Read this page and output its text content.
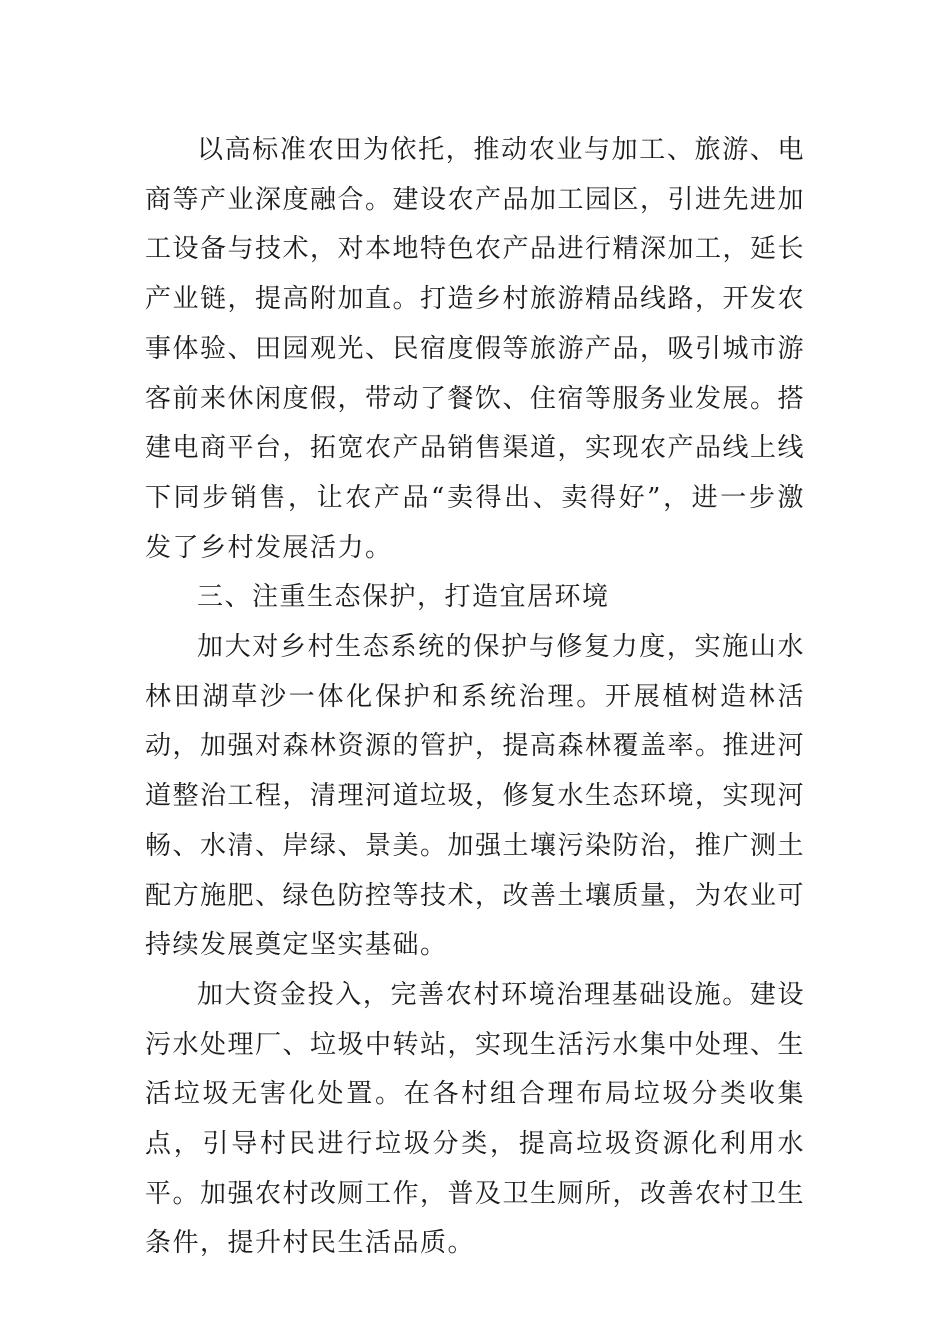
以高标准农田为依托，推动农业与加工、旅游、电商等产业深度融合。建设农产品加工园区，引进先进加工设备与技术，对本地特色农产品进行精深加工，延长产业链，提高附加直。打造乡村旅游精品线路，开发农事体验、田园观光、民宿度假等旅游产品，吸引城市游客前来休闲度假，带动了餐饮、住宿等服务业发展。搭建电商平台，拓宽农产品销售渠道，实现农产品线上线下同步销售，让农产品“卖得出、卖得好”，进一步激发了乡村发展活力。

三、注重生态保护，打造宜居环境

加大对乡村生态系统的保护与修复力度，实施山水林田湖草沙一体化保护和系统治理。开展植树造林活动，加强对森林资源的管护，提高森林覆盖率。推进河道整治工程，清理河道垃圾，修复水生态环境，实现河畅、水清、岸绿、景美。加强土壤污染防治，推广测土配方施肥、绿色防控等技术，改善土壤质量，为农业可持续发展奠定坚实基础。

加大资金投入，完善农村环境治理基础设施。建设污水处理厂、垃圾中转站，实现生活污水集中处理、生活垃圾无害化处置。在各村组合理布局垃圾分类收集点，引导村民进行垃圾分类，提高垃圾资源化利用水平。加强农村改厕工作，普及卫生厕所，改善农村卫生条件，提升村民生活品质。
